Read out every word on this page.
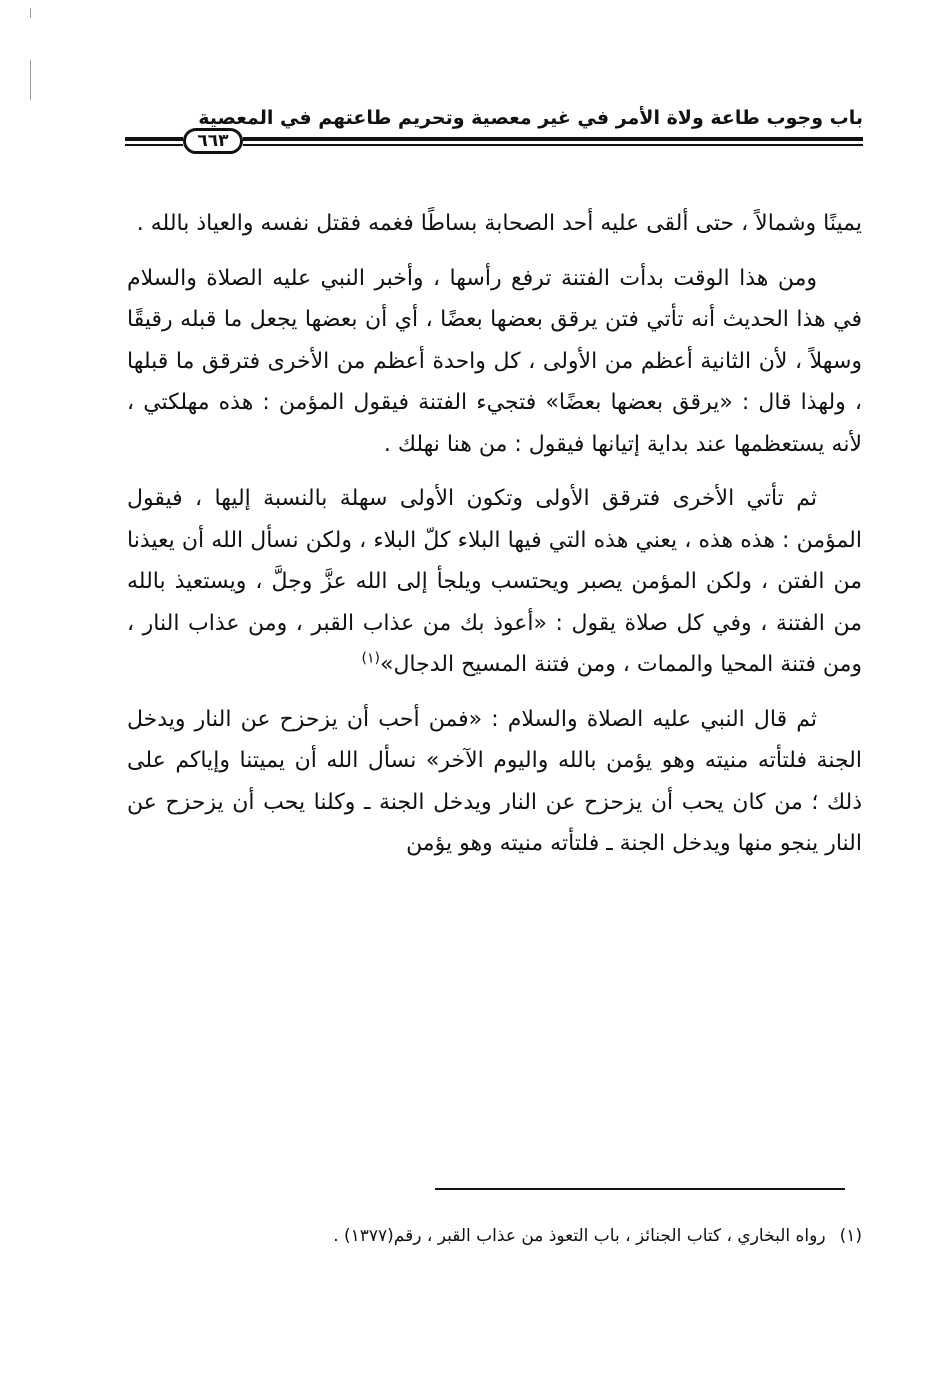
باب وجوب طاعة ولاة الأمر في غير معصية وتحريم طاعتهم في المعصية
٦٦٣

يمينًا وشمالاً ، حتى ألقى عليه أحد الصحابة بساطًا فغمه فقتل نفسه والعياذ بالله .

ومن هذا الوقت بدأت الفتنة ترفع رأسها ، وأخبر النبي عليه الصلاة والسلام في هذا الحديث أنه تأتي فتن يرقق بعضها بعضًا ، أي أن بعضها يجعل ما قبله رقيقًا وسهلاً ، لأن الثانية أعظم من الأولى ، كل واحدة أعظم من الأخرى فترقق ما قبلها ، ولهذا قال : «يرقق بعضها بعضًا» فتجيء الفتنة فيقول المؤمن : هذه مهلكتي ، لأنه يستعظمها عند بداية إتيانها فيقول : من هنا نهلك .

ثم تأتي الأخرى فترقق الأولى وتكون الأولى سهلة بالنسبة إليها ، فيقول المؤمن : هذه هذه ، يعني هذه التي فيها البلاء كلّ البلاء ، ولكن نسأل الله أن يعيذنا من الفتن ، ولكن المؤمن يصبر ويحتسب ويلجأ إلى الله عزَّ وجلَّ ، ويستعيذ بالله من الفتنة ، وفي كل صلاة يقول : «أعوذ بك من عذاب القبر ، ومن عذاب النار ، ومن فتنة المحيا والممات ، ومن فتنة المسيح الدجال»$^{(١)}$

ثم قال النبي عليه الصلاة والسلام : «فمن أحب أن يزحزح عن النار ويدخل الجنة فلتأته منيته وهو يؤمن بالله واليوم الآخر» نسأل الله أن يميتنا وإياكم على ذلك ؛ من كان يحب أن يزحزح عن النار ويدخل الجنة ـ وكلنا يحب أن يزحزح عن النار ينجو منها ويدخل الجنة ـ فلتأته منيته وهو يؤمن

(١)رواه البخاري ، كتاب الجنائز ، باب التعوذ من عذاب القبر ، رقم(١٣٧٧) .
